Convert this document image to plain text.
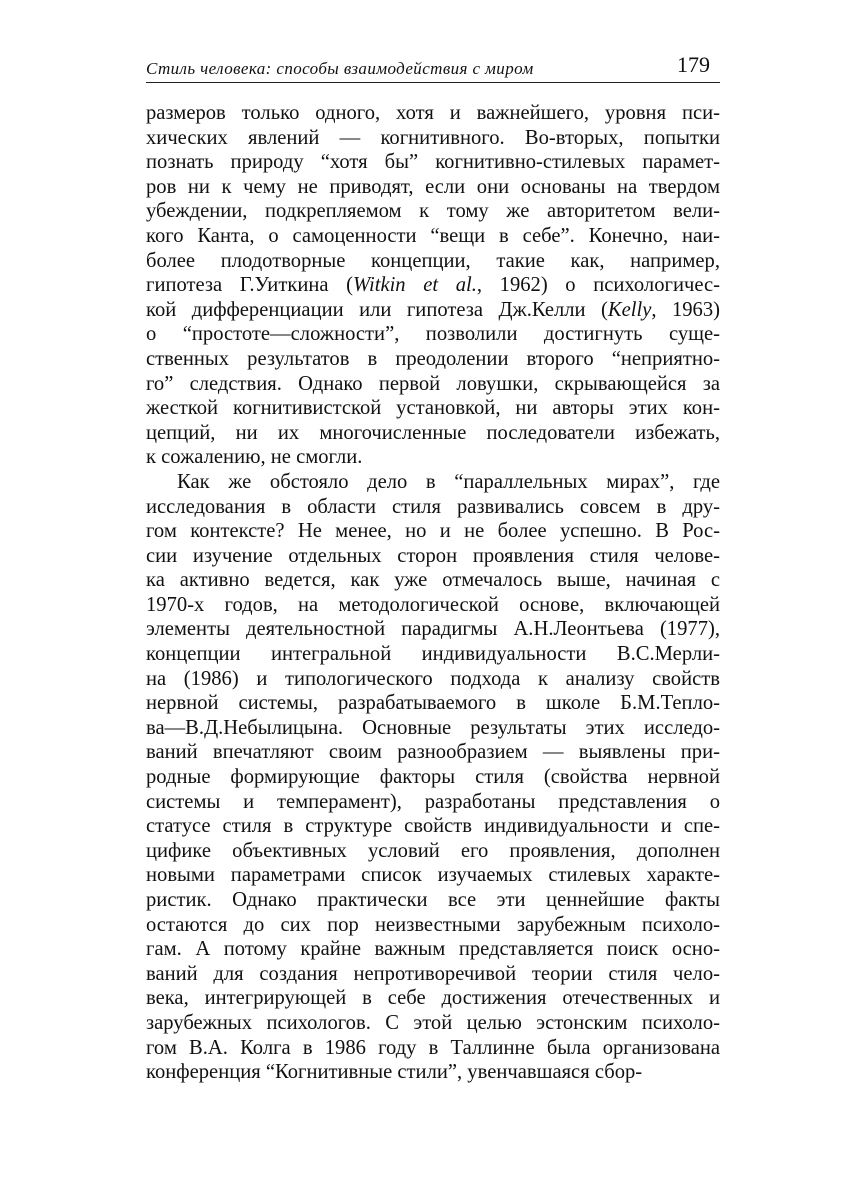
Стиль человека: способы взаимодействия с миром	179
размеров только одного, хотя и важнейшего, уровня пси-
хических явлений — когнитивного. Во-вторых, попытки
познать природу “хотя бы” когнитивно-стилевых парамет-
ров ни к чему не приводят, если они основаны на твердом
убеждении, подкрепляемом к тому же авторитетом вели-
кого Канта, о самоценности “вещи в себе”. Конечно, наи-
более плодотворные концепции, такие как, например,
гипотеза Г.Уиткина (Witkin et al., 1962) о психологичес-
кой дифференциации или гипотеза Дж.Келли (Kelly, 1963)
о “простоте—сложности”, позволили достигнуть суще-
ственных результатов в преодолении второго “неприятно-
го” следствия. Однако первой ловушки, скрывающейся за
жесткой когнитивистской установкой, ни авторы этих кон-
цепций, ни их многочисленные последователи избежать,
к сожалению, не смогли.
Как же обстояло дело в “параллельных мирах”, где
исследования в области стиля развивались совсем в дру-
гом контексте? Не менее, но и не более успешно. В Рос-
сии изучение отдельных сторон проявления стиля челове-
ка активно ведется, как уже отмечалось выше, начиная с
1970-х годов, на методологической основе, включающей
элементы деятельностной парадигмы А.Н.Леонтьева (1977),
концепции интегральной индивидуальности В.С.Мерли-
на (1986) и типологического подхода к анализу свойств
нервной системы, разрабатываемого в школе Б.М.Тепло-
ва—В.Д.Небылицына. Основные результаты этих исследо-
ваний впечатляют своим разнообразием — выявлены при-
родные формирующие факторы стиля (свойства нервной
системы и темперамент), разработаны представления о
статусе стиля в структуре свойств индивидуальности и спе-
цифике объективных условий его проявления, дополнен
новыми параметрами список изучаемых стилевых характе-
ристик. Однако практически все эти ценнейшие факты
остаются до сих пор неизвестными зарубежным психоло-
гам. А потому крайне важным представляется поиск осно-
ваний для создания непротиворечивой теории стиля чело-
века, интегрирующей в себе достижения отечественных и
зарубежных психологов. С этой целью эстонским психоло-
гом В.А. Колга в 1986 году в Таллинне была организована
конференция “Когнитивные стили”, увенчавшаяся сбор-
